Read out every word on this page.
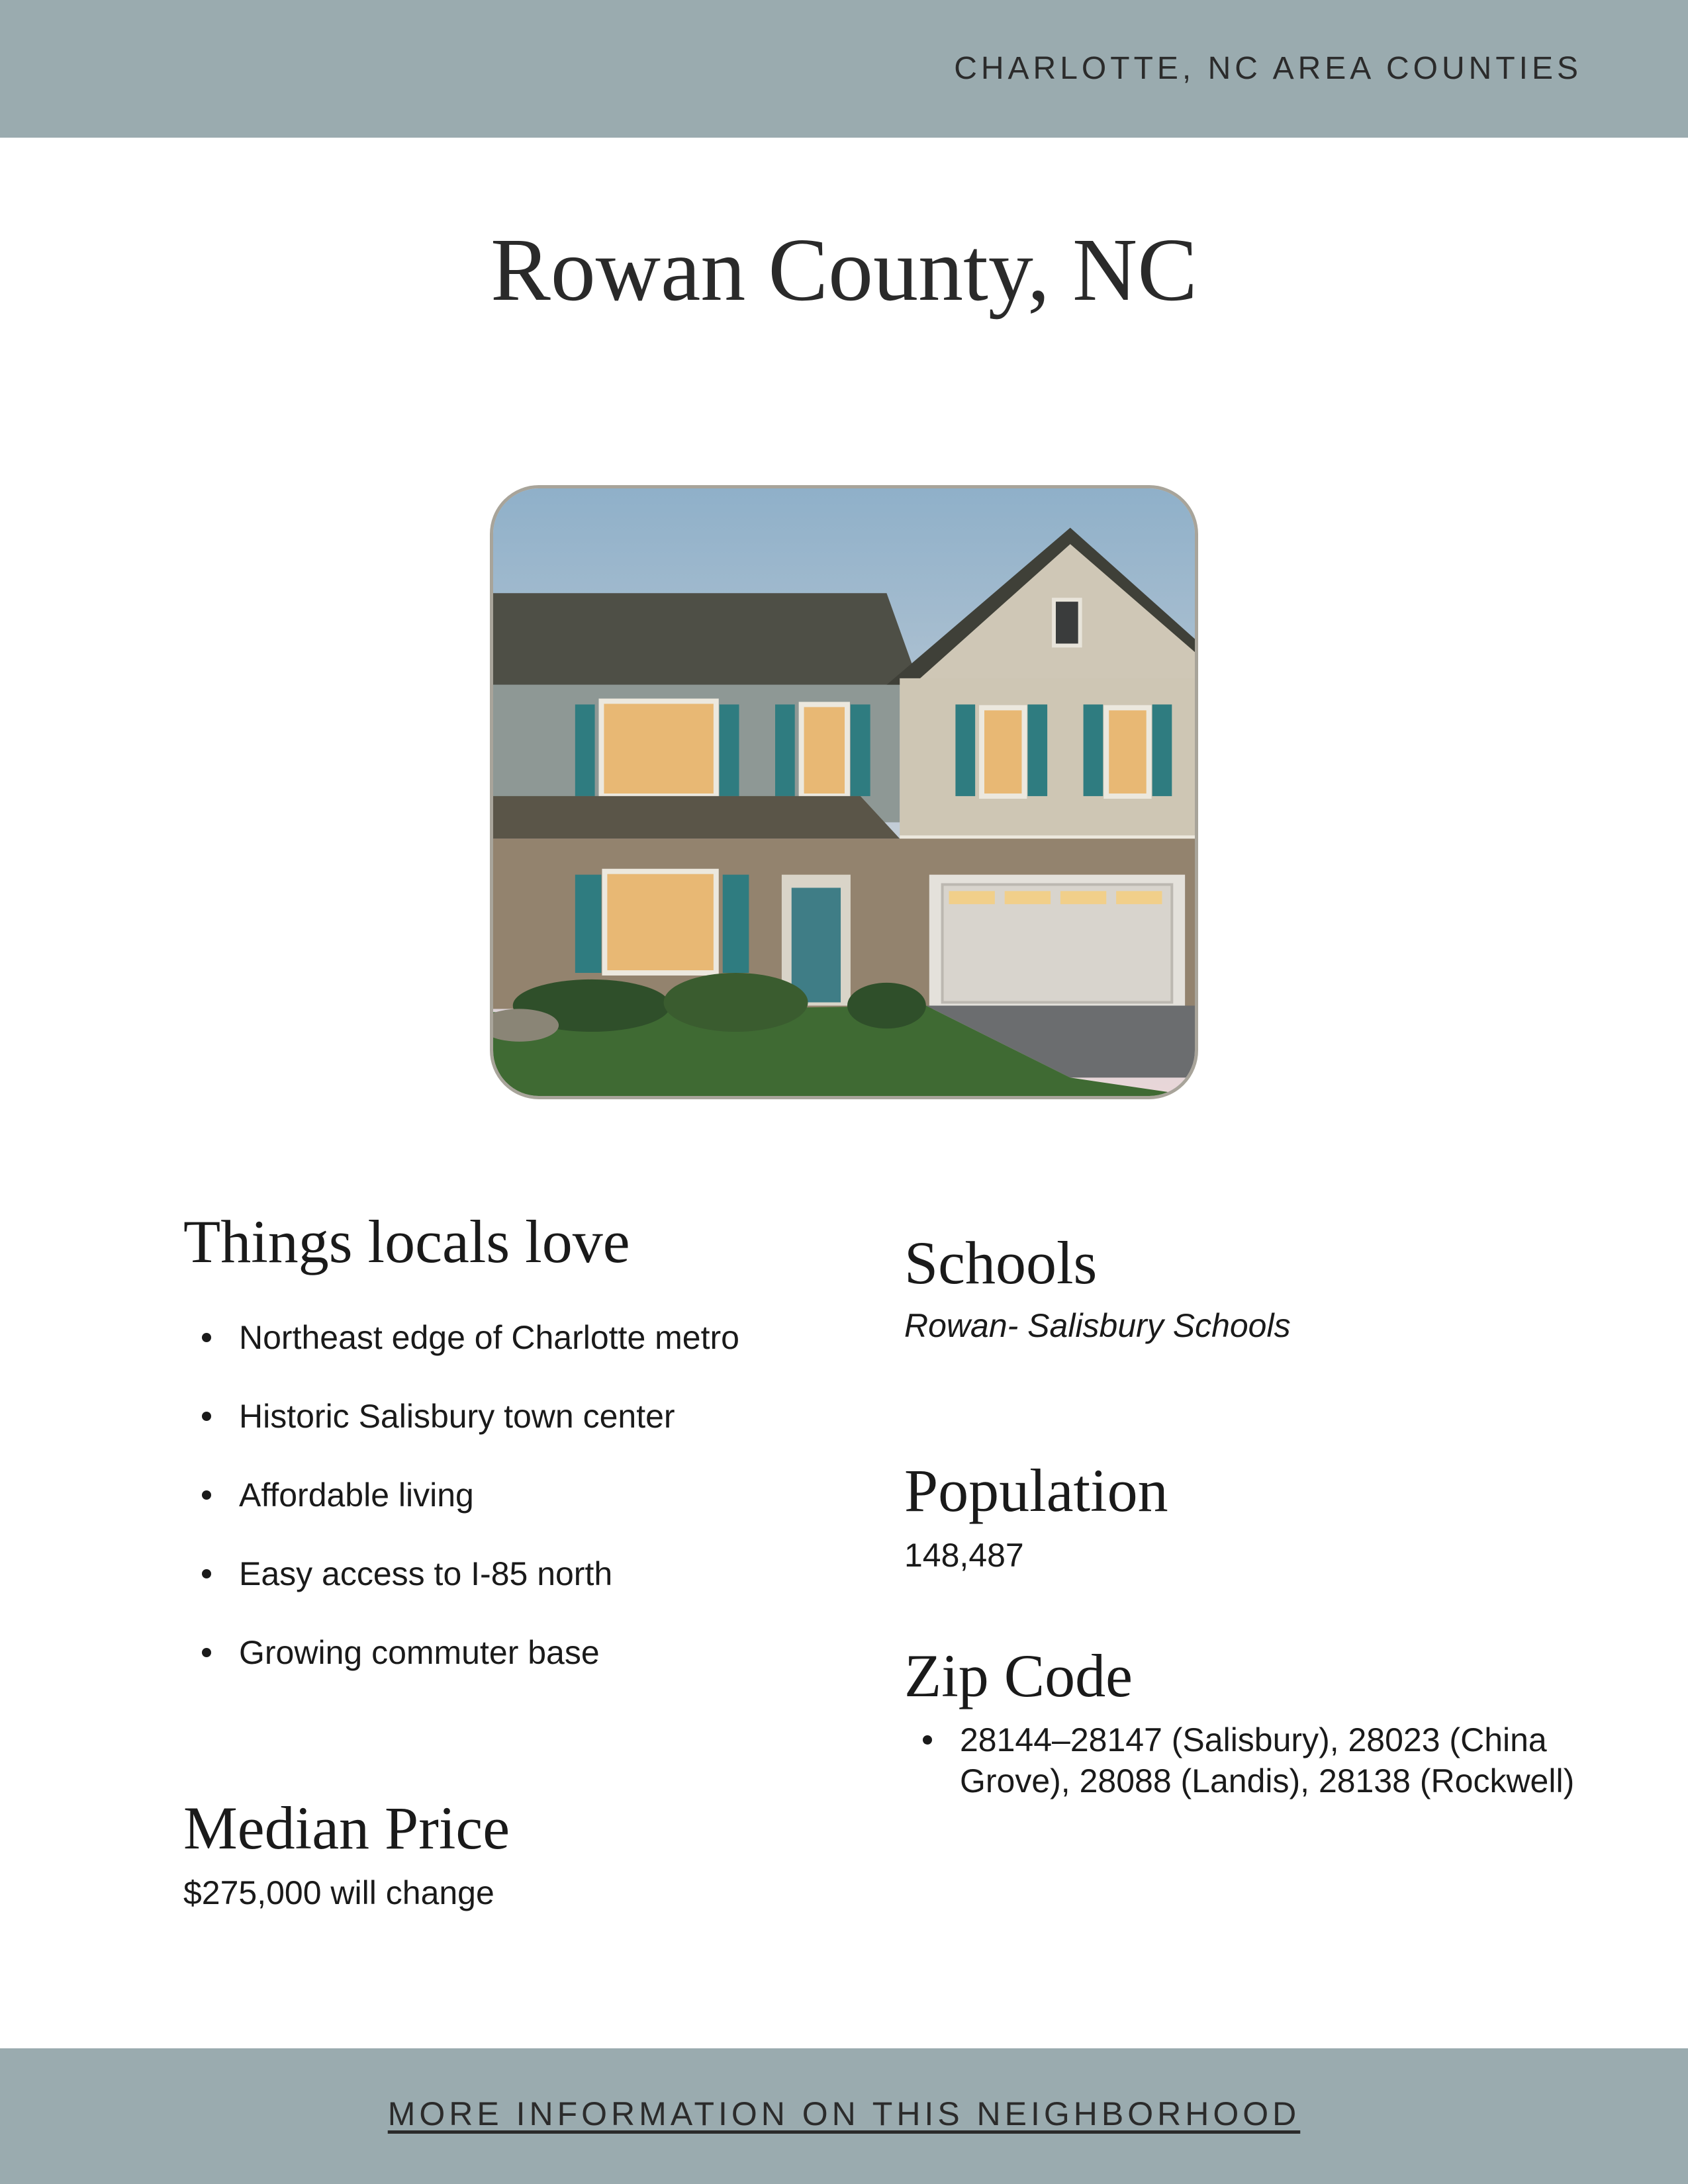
CHARLOTTE, NC AREA COUNTIES
Rowan County, NC
Things locals love
Northeast edge of Charlotte metro
Historic Salisbury town center
Affordable living
Easy access to I-85 north
Growing commuter base
Median Price

$275,000 will change

Schools

Rowan- Salisbury Schools

Population

148,487

Zip Code
28144–28147 (Salisbury), 28023 (China Grove), 28088 (Landis), 28138 (Rockwell)
MORE INFORMATION ON THIS NEIGHBORHOOD
